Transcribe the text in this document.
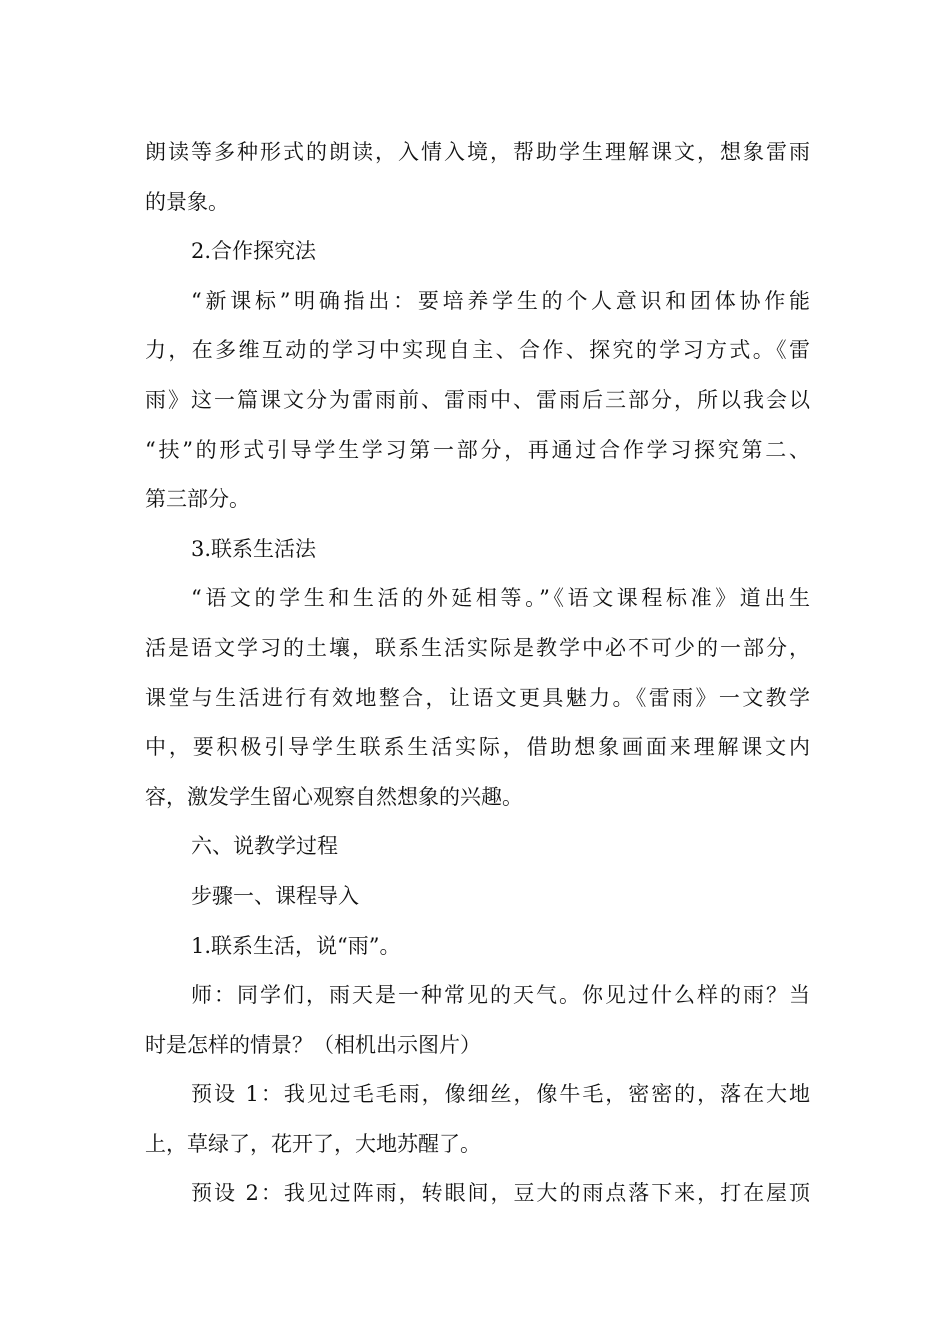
朗读等多种形式的朗读，入情入境，帮助学生理解课文，想象雷雨
的景象。
2.合作探究法
“新课标”明确指出：要培养学生的个人意识和团体协作能
力，在多维互动的学习中实现自主、合作、探究的学习方式。《雷
雨》这一篇课文分为雷雨前、雷雨中、雷雨后三部分，所以我会以
“扶”的形式引导学生学习第一部分，再通过合作学习探究第二、
第三部分。
3.联系生活法
“语文的学生和生活的外延相等。”《语文课程标准》道出生
活是语文学习的土壤，联系生活实际是教学中必不可少的一部分，
课堂与生活进行有效地整合，让语文更具魅力。《雷雨》一文教学
中，要积极引导学生联系生活实际，借助想象画面来理解课文内
容，激发学生留心观察自然想象的兴趣。
六、说教学过程
步骤一、课程导入
1.联系生活，说“雨”。
师：同学们，雨天是一种常见的天气。你见过什么样的雨？当
时是怎样的情景？（相机出示图片）
预设 1：我见过毛毛雨，像细丝，像牛毛，密密的，落在大地
上，草绿了，花开了，大地苏醒了。
预设 2：我见过阵雨，转眼间，豆大的雨点落下来，打在屋顶
